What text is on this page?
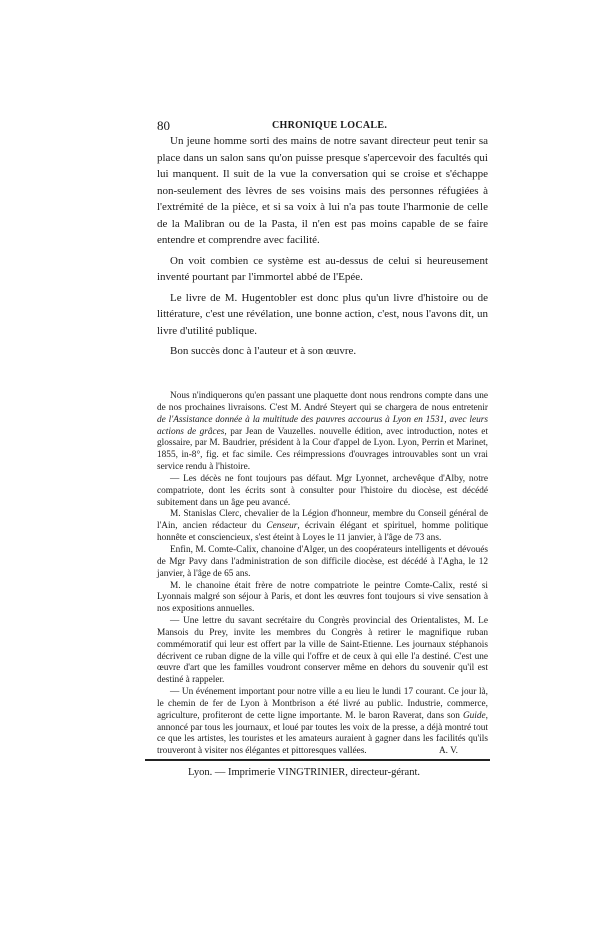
80	CHRONIQUE LOCALE.

Un jeune homme sorti des mains de notre savant directeur peut tenir sa place dans un salon sans qu'on puisse presque s'apercevoir des facultés qui lui manquent. Il suit de la vue la conversation qui se croise et s'échappe non-seulement des lèvres de ses voisins mais des personnes réfugiées à l'extrémité de la pièce, et si sa voix à lui n'a pas toute l'harmonie de celle de la Malibran ou de la Pasta, il n'en est pas moins capable de se faire entendre et comprendre avec facilité.

On voit combien ce système est au-dessus de celui si heureusement inventé pourtant par l'immortel abbé de l'Epée.

Le livre de M. Hugentobler est donc plus qu'un livre d'histoire ou de littérature, c'est une révélation, une bonne action, c'est, nous l'avons dit, un livre d'utilité publique.

Bon succès donc à l'auteur et à son œuvre.

Nous n'indiquerons qu'en passant une plaquette dont nous rendrons compte dans une de nos prochaines livraisons. C'est M. André Steyert qui se chargera de nous entretenir de l'Assistance donnée à la multitude des pauvres accourus à Lyon en 1531, avec leurs actions de grâces, par Jean de Vauzelles. nouvelle édition, avec introduction, notes et glossaire, par M. Baudrier, président à la Cour d'appel de Lyon. Lyon, Perrin et Marinet, 1855, in-8°, fig. et fac simile. Ces réimpressions d'ouvrages introuvables sont un vrai service rendu à l'histoire.

— Les décès ne font toujours pas défaut. Mgr Lyonnet, archevêque d'Alby, notre compatriote, dont les écrits sont à consulter pour l'histoire du diocèse, est décédé subitement dans un âge peu avancé.

M. Stanislas Clerc, chevalier de la Légion d'honneur, membre du Conseil général de l'Ain, ancien rédacteur du Censeur, écrivain élégant et spirituel, homme politique honnête et consciencieux, s'est éteint à Loyes le 11 janvier, à l'âge de 73 ans.

Enfin, M. Comte-Calix, chanoine d'Alger, un des coopérateurs intelligents et dévoués de Mgr Pavy dans l'administration de son difficile diocèse, est décédé à l'Agha, le 12 janvier, à l'âge de 65 ans.

M. le chanoine était frère de notre compatriote le peintre Comte-Calix, resté si Lyonnais malgré son séjour à Paris, et dont les œuvres font toujours si vive sensation à nos expositions annuelles.

— Une lettre du savant secrétaire du Congrès provincial des Orientalistes, M. Le Mansois du Prey, invite les membres du Congrès à retirer le magnifique ruban commémoratif qui leur est offert par la ville de Saint-Etienne. Les journaux stéphanois décrivent ce ruban digne de la ville qui l'offre et de ceux à qui elle l'a destiné. C'est une œuvre d'art que les familles voudront conserver même en dehors du souvenir qu'il est destiné à rappeler.

— Un événement important pour notre ville a eu lieu le lundi 17 courant. Ce jour là, le chemin de fer de Lyon à Montbrison a été livré au public. Industrie, commerce, agriculture, profiteront de cette ligne importante. M. le baron Raverat, dans son Guide, annoncé par tous les journaux, et loué par toutes les voix de la presse, a déjà montré tout ce que les artistes, les touristes et les amateurs auraient à gagner dans les facilités qu'ils trouveront à visiter nos élégantes et pittoresques vallées.	A. V.

Lyon. — Imprimerie VINGTRINIER, directeur-gérant.
